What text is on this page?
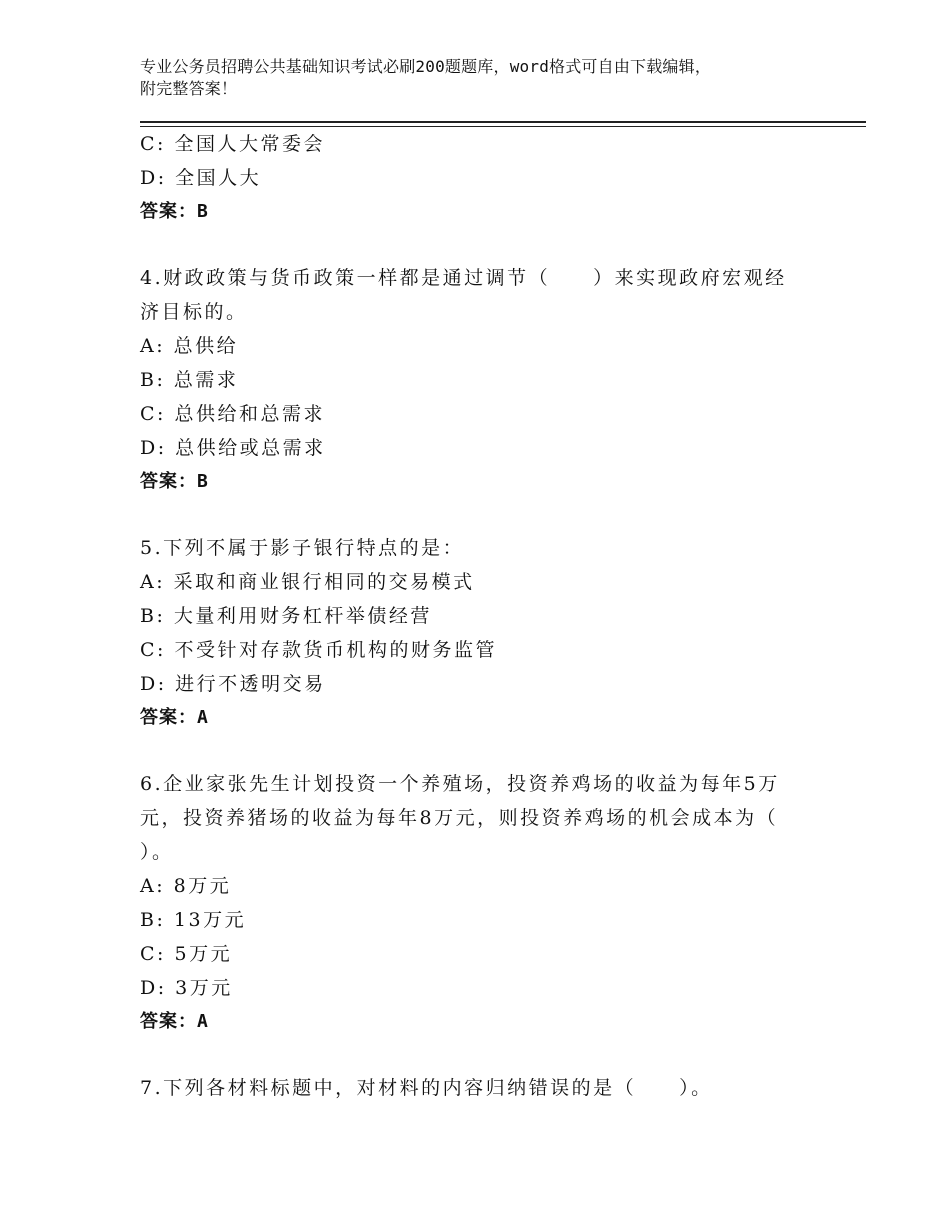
专业公务员招聘公共基础知识考试必刷200题题库，word格式可自由下载编辑，
附完整答案！
C: 全国人大常委会
D: 全国人大
答案：B
4.财政政策与货币政策一样都是通过调节（　　）来实现政府宏观经
济目标的。
A: 总供给
B: 总需求
C: 总供给和总需求
D: 总供给或总需求
答案：B
5.下列不属于影子银行特点的是：
A: 采取和商业银行相同的交易模式
B: 大量利用财务杠杆举债经营
C: 不受针对存款货币机构的财务监管
D: 进行不透明交易
答案：A
6.企业家张先生计划投资一个养殖场，投资养鸡场的收益为每年5万
元，投资养猪场的收益为每年8万元，则投资养鸡场的机会成本为（
）。
A: 8万元
B: 13万元
C: 5万元
D: 3万元
答案：A
7.下列各材料标题中，对材料的内容归纳错误的是（　　）。
